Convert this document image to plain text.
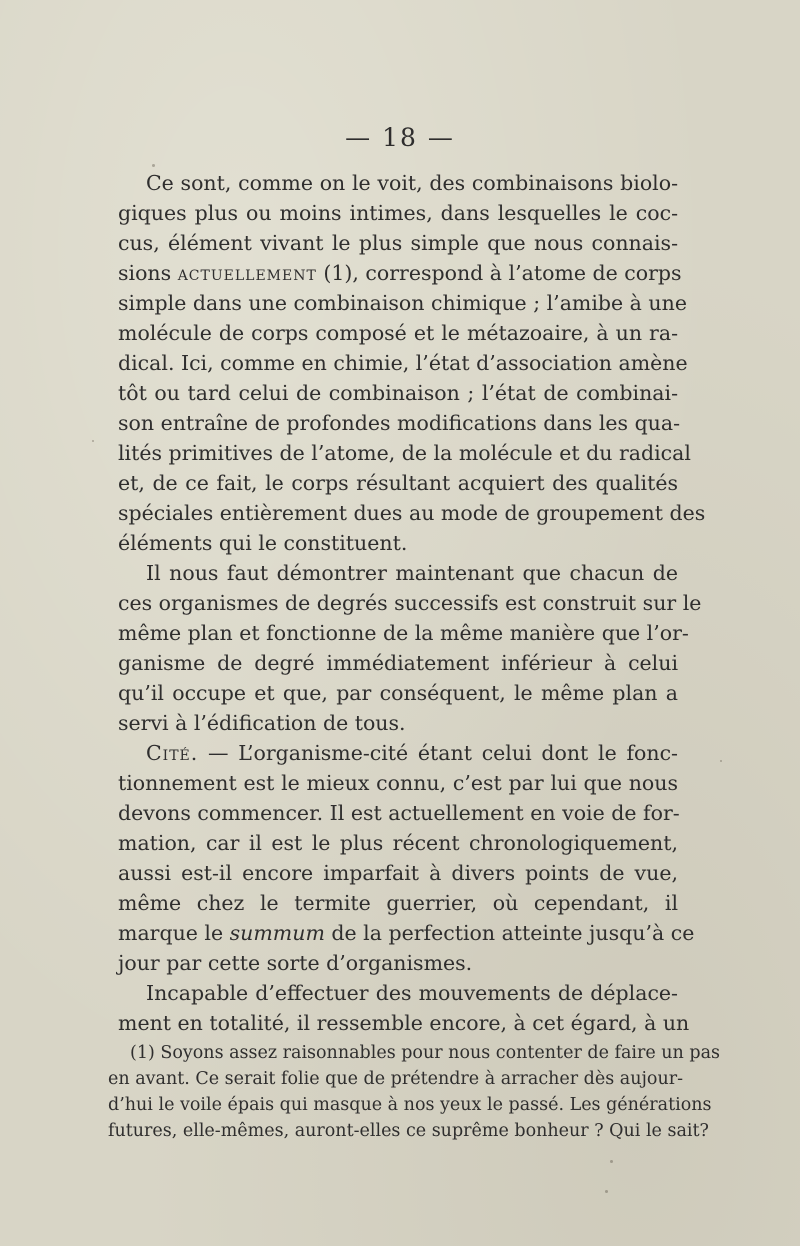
— 18 —
Ce sont, comme on le voit, des combinaisons biolo-
giques plus ou moins intimes, dans lesquelles le coc-
cus, élément vivant le plus simple que nous connais-
sions actuellement (1), correspond à l’atome de corps
simple dans une combinaison chimique ; l’amibe à une
molécule de corps composé et le métazoaire, à un ra-
dical. Ici, comme en chimie, l’état d’association amène
tôt ou tard celui de combinaison ; l’état de combinai-
son entraîne de profondes modifications dans les qua-
lités primitives de l’atome, de la molécule et du radical
et, de ce fait, le corps résultant acquiert des qualités
spéciales entièrement dues au mode de groupement des
éléments qui le constituent.
Il nous faut démontrer maintenant que chacun de
ces organismes de degrés successifs est construit sur le
même plan et fonctionne de la même manière que l’or-
ganisme de degré immédiatement inférieur à celui
qu’il occupe et que, par conséquent, le même plan a
servi à l’édification de tous.
Cité. — L’organisme-cité étant celui dont le fonc-
tionnement est le mieux connu, c’est par lui que nous
devons commencer. Il est actuellement en voie de for-
mation, car il est le plus récent chronologiquement,
aussi est-il encore imparfait à divers points de vue,
même chez le termite guerrier, où cependant, il
marque le summum de la perfection atteinte jusqu’à ce
jour par cette sorte d’organismes.
Incapable d’effectuer des mouvements de déplace-
ment en totalité, il ressemble encore, à cet égard, à un
(1) Soyons assez raisonnables pour nous contenter de faire un pas
en avant. Ce serait folie que de prétendre à arracher dès aujour-
d’hui le voile épais qui masque à nos yeux le passé. Les générations
futures, elle-mêmes, auront-elles ce suprême bonheur ? Qui le sait?
